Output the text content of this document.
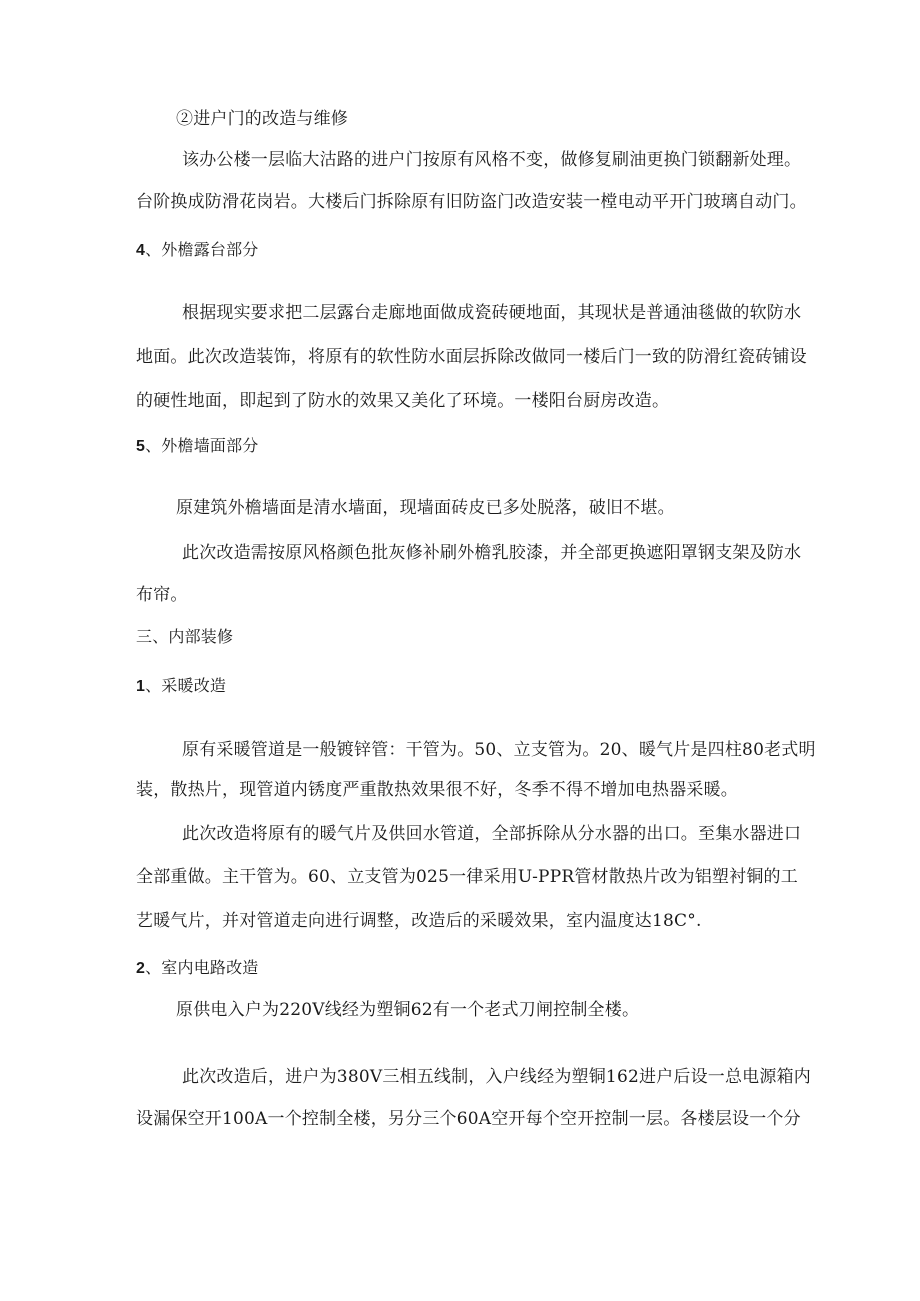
②进户门的改造与维修
该办公楼一层临大沽路的进户门按原有风格不变，做修复刷油更换门锁翻新处理。
台阶换成防滑花岗岩。大楼后门拆除原有旧防盗门改造安装一樘电动平开门玻璃自动门。
4、外檐露台部分
根据现实要求把二层露台走廊地面做成瓷砖硬地面，其现状是普通油毯做的软防水
地面。此次改造装饰，将原有的软性防水面层拆除改做同一楼后门一致的防滑红瓷砖铺设
的硬性地面，即起到了防水的效果又美化了环境。一楼阳台厨房改造。
5、外檐墙面部分
原建筑外檐墙面是清水墙面，现墙面砖皮已多处脱落，破旧不堪。
此次改造需按原风格颜色批灰修补刷外檐乳胶漆，并全部更换遮阳罩钢支架及防水
布帘。
三、内部装修
1、采暖改造
原有采暖管道是一般镀锌管：干管为。50、立支管为。20、暖气片是四柱80老式明
装，散热片，现管道内锈度严重散热效果很不好，冬季不得不增加电热器采暖。
此次改造将原有的暖气片及供回水管道，全部拆除从分水器的出口。至集水器进口
全部重做。主干管为。60、立支管为025一律采用U-PPR管材散热片改为铝塑衬铜的工
艺暖气片，并对管道走向进行调整，改造后的采暖效果，室内温度达18C°.
2、室内电路改造
原供电入户为220V线经为塑铜62有一个老式刀闸控制全楼。
此次改造后，进户为380V三相五线制，入户线经为塑铜162进户后设一总电源箱内
设漏保空开100A一个控制全楼，另分三个60A空开每个空开控制一层。各楼层设一个分
